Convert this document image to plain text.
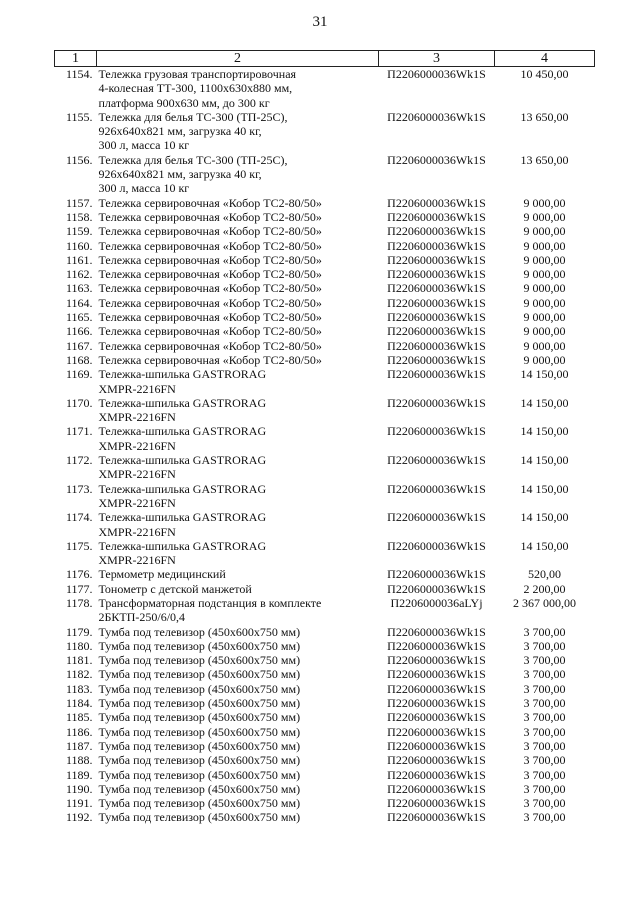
31
1	2	3	4
1154.	Тележка грузовая транспортировочная
4-колесная ТТ-300, 1100х630х880 мм,
платформа 900х630 мм, до 300 кг	П2206000036Wk1S	10 450,00
1155.	Тележка для белья ТС-300 (ТП-25С),
926х640х821 мм, загрузка 40 кг,
300 л, масса 10 кг	П2206000036Wk1S	13 650,00
1156.	Тележка для белья ТС-300 (ТП-25С),
926х640х821 мм, загрузка 40 кг,
300 л, масса 10 кг	П2206000036Wk1S	13 650,00
1157.	Тележка сервировочная «Кобор ТС2-80/50»	П2206000036Wk1S	9 000,00
1158.	Тележка сервировочная «Кобор ТС2-80/50»	П2206000036Wk1S	9 000,00
1159.	Тележка сервировочная «Кобор ТС2-80/50»	П2206000036Wk1S	9 000,00
1160.	Тележка сервировочная «Кобор ТС2-80/50»	П2206000036Wk1S	9 000,00
1161.	Тележка сервировочная «Кобор ТС2-80/50»	П2206000036Wk1S	9 000,00
1162.	Тележка сервировочная «Кобор ТС2-80/50»	П2206000036Wk1S	9 000,00
1163.	Тележка сервировочная «Кобор ТС2-80/50»	П2206000036Wk1S	9 000,00
1164.	Тележка сервировочная «Кобор ТС2-80/50»	П2206000036Wk1S	9 000,00
1165.	Тележка сервировочная «Кобор ТС2-80/50»	П2206000036Wk1S	9 000,00
1166.	Тележка сервировочная «Кобор ТС2-80/50»	П2206000036Wk1S	9 000,00
1167.	Тележка сервировочная «Кобор ТС2-80/50»	П2206000036Wk1S	9 000,00
1168.	Тележка сервировочная «Кобор ТС2-80/50»	П2206000036Wk1S	9 000,00
1169.	Тележка-шпилька GASTRORAG
XMPR-2216FN	П2206000036Wk1S	14 150,00
1170.	Тележка-шпилька GASTRORAG
XMPR-2216FN	П2206000036Wk1S	14 150,00
1171.	Тележка-шпилька GASTRORAG
XMPR-2216FN	П2206000036Wk1S	14 150,00
1172.	Тележка-шпилька GASTRORAG
XMPR-2216FN	П2206000036Wk1S	14 150,00
1173.	Тележка-шпилька GASTRORAG
XMPR-2216FN	П2206000036Wk1S	14 150,00
1174.	Тележка-шпилька GASTRORAG
XMPR-2216FN	П2206000036Wk1S	14 150,00
1175.	Тележка-шпилька GASTRORAG
XMPR-2216FN	П2206000036Wk1S	14 150,00
1176.	Термометр медицинский	П2206000036Wk1S	520,00
1177.	Тонометр с детской манжетой	П2206000036Wk1S	2 200,00
1178.	Трансформаторная подстанция в комплекте
2БКТП-250/6/0,4	П2206000036aLYj	2 367 000,00
1179.	Тумба под телевизор (450х600х750 мм)	П2206000036Wk1S	3 700,00
1180.	Тумба под телевизор (450х600х750 мм)	П2206000036Wk1S	3 700,00
1181.	Тумба под телевизор (450х600х750 мм)	П2206000036Wk1S	3 700,00
1182.	Тумба под телевизор (450х600х750 мм)	П2206000036Wk1S	3 700,00
1183.	Тумба под телевизор (450х600х750 мм)	П2206000036Wk1S	3 700,00
1184.	Тумба под телевизор (450х600х750 мм)	П2206000036Wk1S	3 700,00
1185.	Тумба под телевизор (450х600х750 мм)	П2206000036Wk1S	3 700,00
1186.	Тумба под телевизор (450х600х750 мм)	П2206000036Wk1S	3 700,00
1187.	Тумба под телевизор (450х600х750 мм)	П2206000036Wk1S	3 700,00
1188.	Тумба под телевизор (450х600х750 мм)	П2206000036Wk1S	3 700,00
1189.	Тумба под телевизор (450х600х750 мм)	П2206000036Wk1S	3 700,00
1190.	Тумба под телевизор (450х600х750 мм)	П2206000036Wk1S	3 700,00
1191.	Тумба под телевизор (450х600х750 мм)	П2206000036Wk1S	3 700,00
1192.	Тумба под телевизор (450х600х750 мм)	П2206000036Wk1S	3 700,00
